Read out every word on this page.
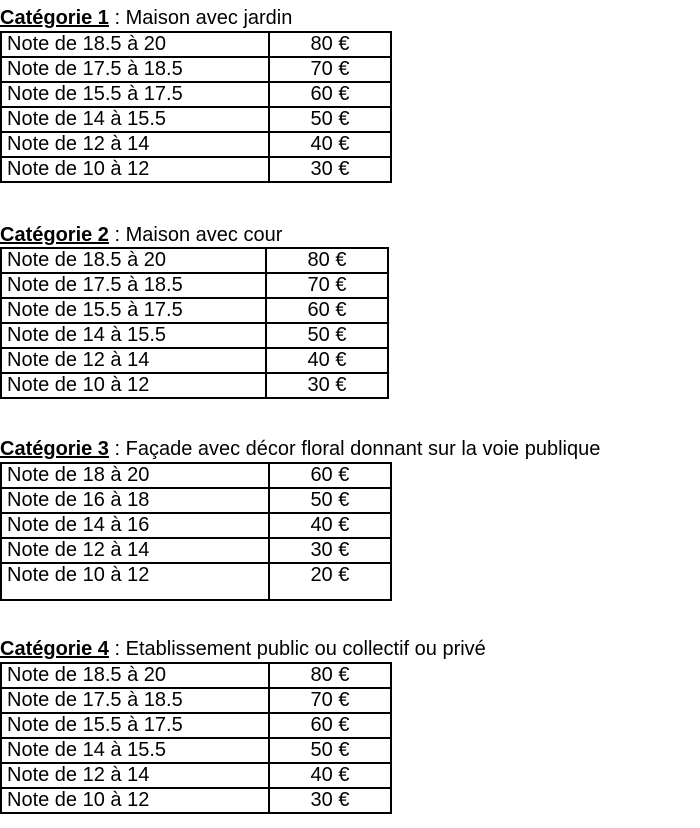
Catégorie 1 : Maison avec jardin
Note de 18.5 à 20	80 €
Note de 17.5 à 18.5	70 €
Note de 15.5 à 17.5	60 €
Note de 14 à 15.5	50 €
Note de 12 à 14	40 €
Note de 10 à 12	30 €
Catégorie 2 : Maison avec cour
Note de 18.5 à 20	80 €
Note de 17.5 à 18.5	70 €
Note de 15.5 à 17.5	60 €
Note de 14 à 15.5	50 €
Note de 12 à 14	40 €
Note de 10 à 12	30 €
Catégorie 3 : Façade avec décor floral donnant sur la voie publique
Note de 18 à 20	60 €
Note de 16 à 18	50 €
Note de 14 à 16	40 €
Note de 12 à 14	30 €
Note de 10 à 12	20 €
Catégorie 4 : Etablissement public ou collectif ou privé
Note de 18.5 à 20	80 €
Note de 17.5 à 18.5	70 €
Note de 15.5 à 17.5	60 €
Note de 14 à 15.5	50 €
Note de 12 à 14	40 €
Note de 10 à 12	30 €
